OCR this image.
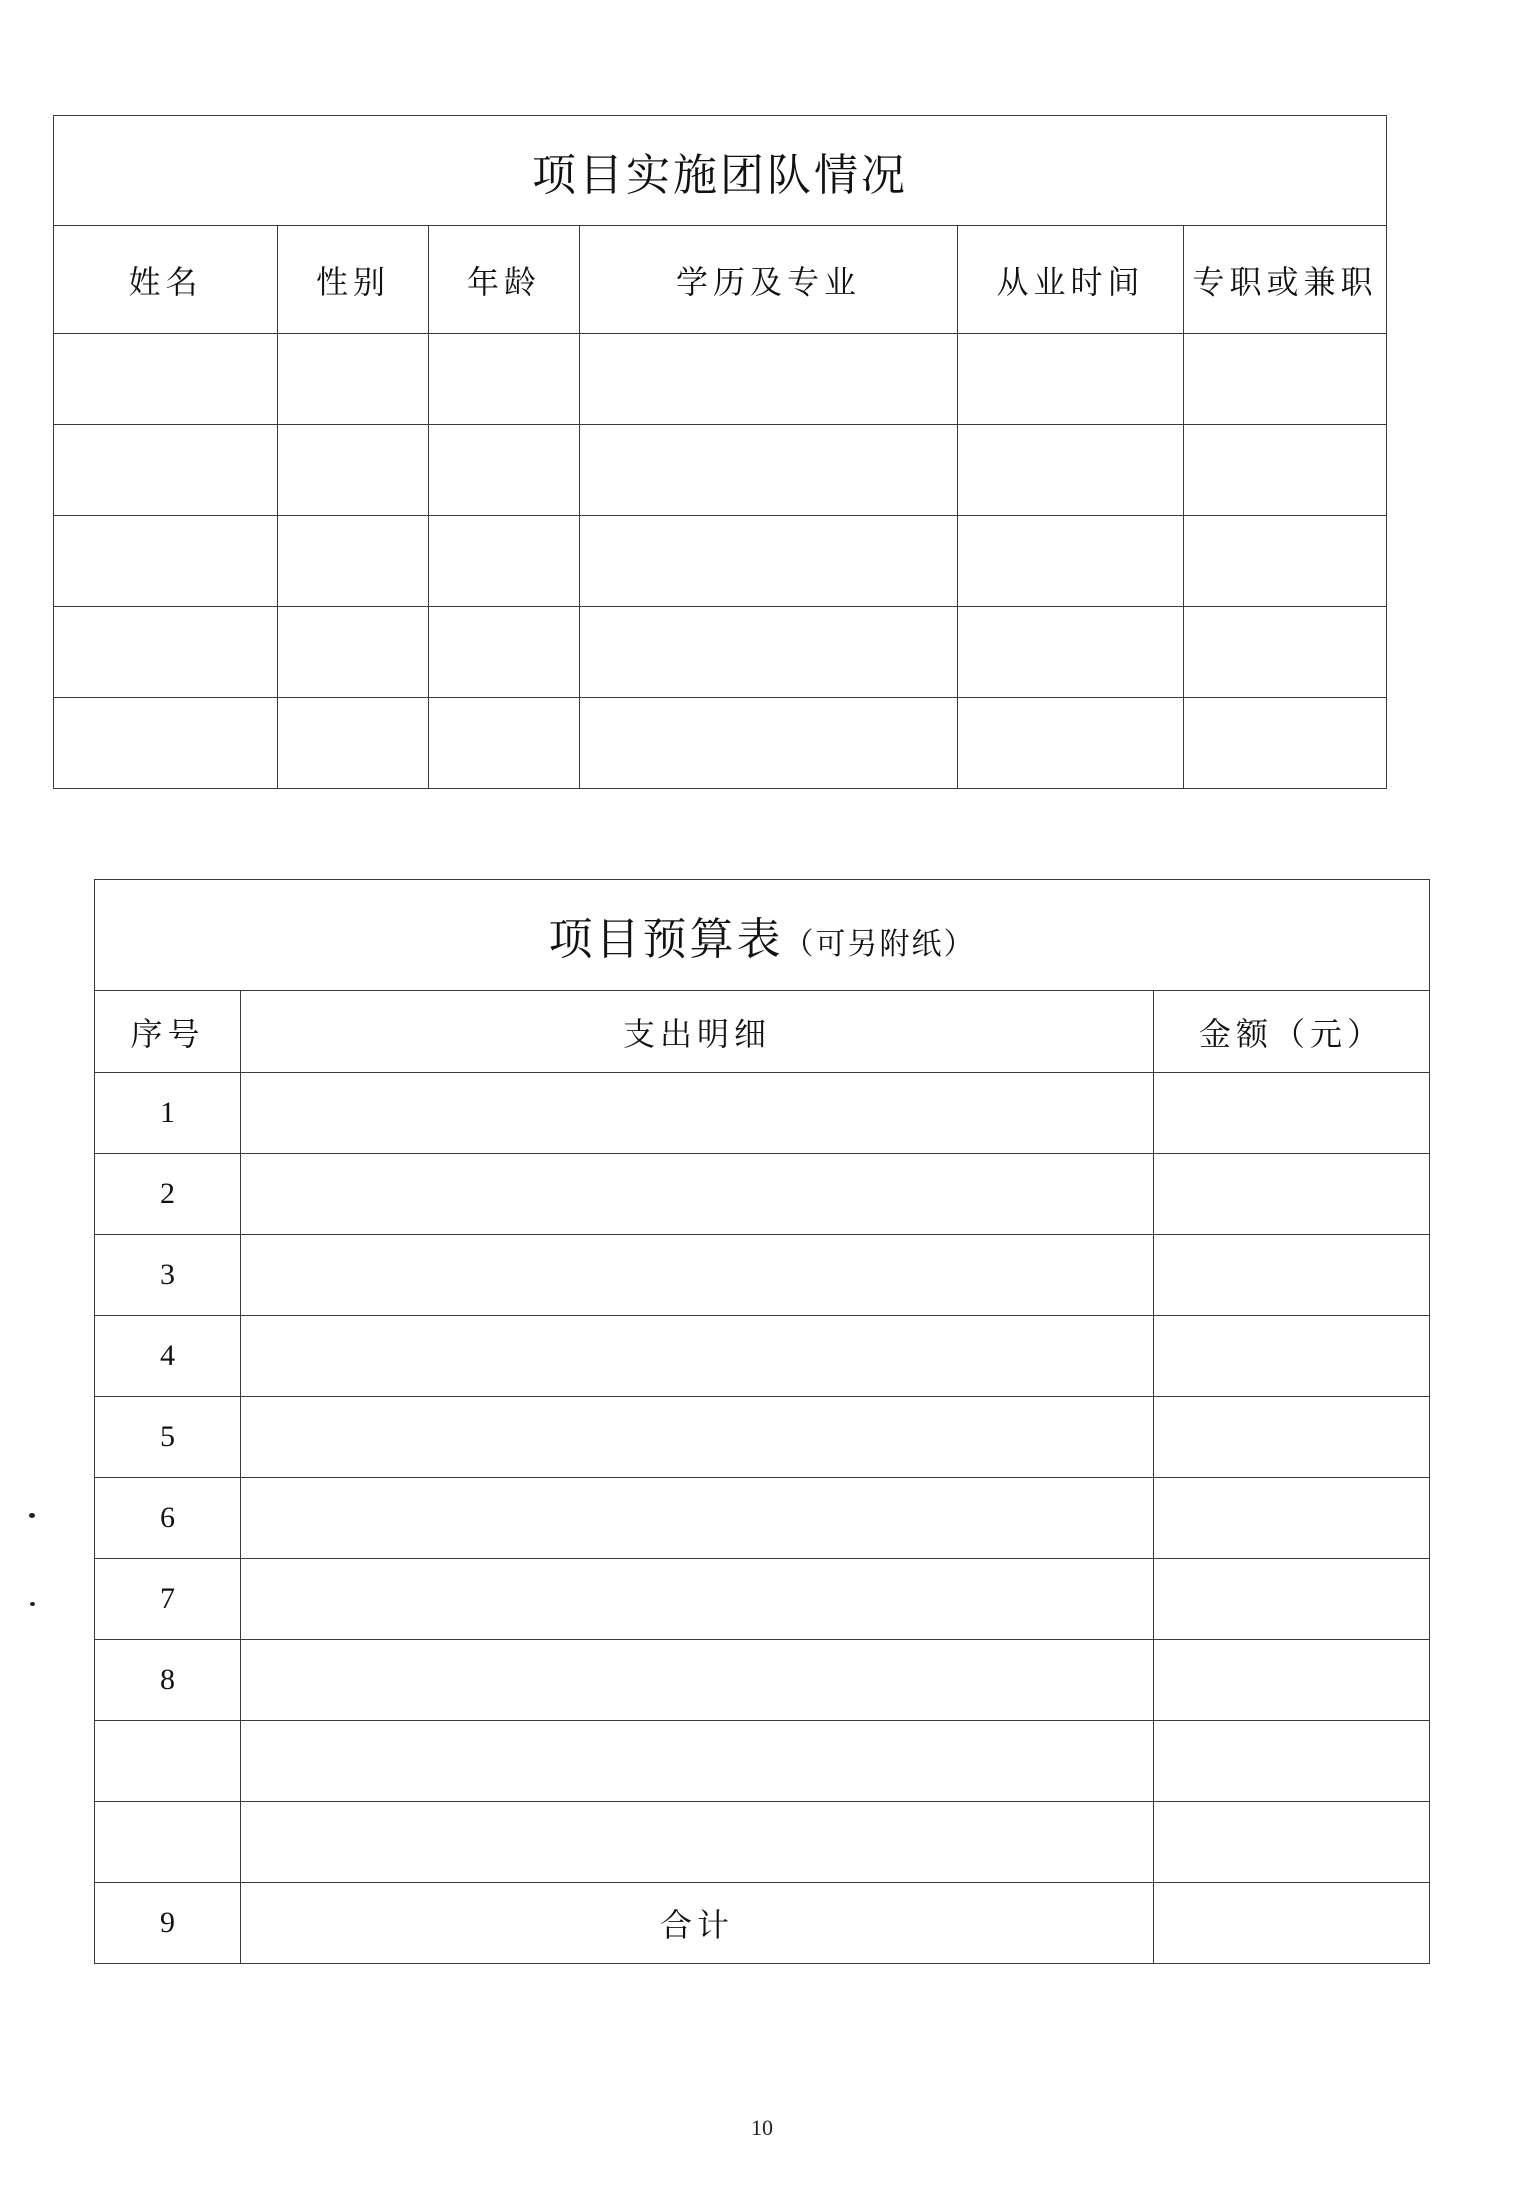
项目实施团队情况					
姓名	性别	年龄	学历及专业	从业时间	专职或兼职

项目预算表（可另附纸）		
序号	支出明细	金额（元）
1		
2		
3		
4		
5		
6		
7		
8		

9	合计	
10
